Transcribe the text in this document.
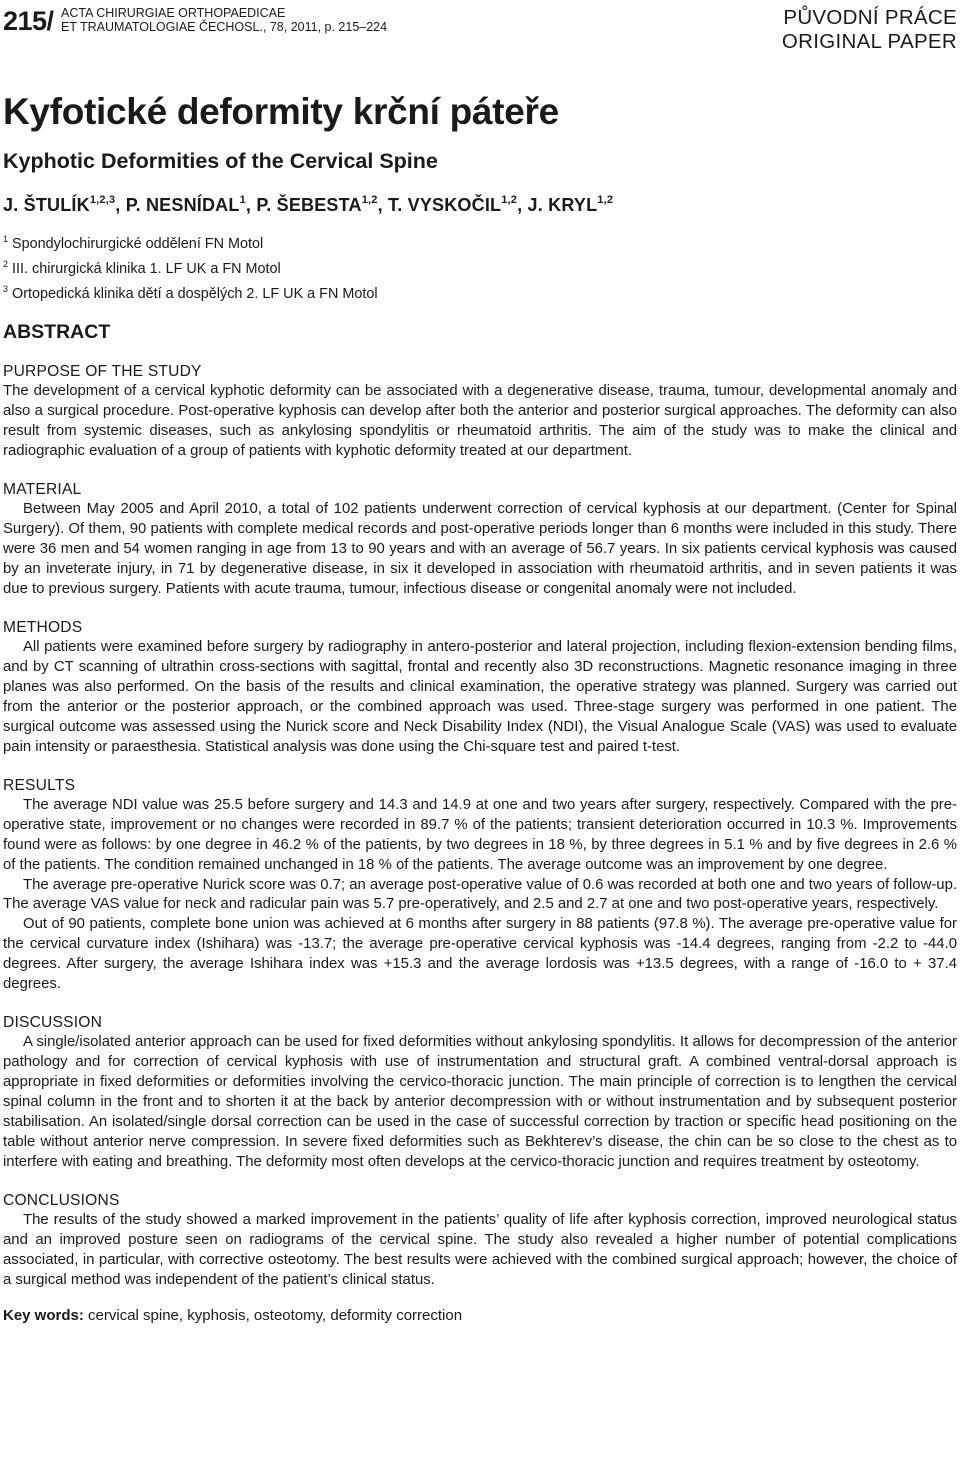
215/ ACTA CHIRURGIAE ORTHOPAEDICAE
ET TRAUMATOLOGIAE ČECHOSL., 78, 2011, p. 215–224	PŮVODNÍ PRÁCE
ORIGINAL PAPER
Kyfotické deformity krční páteře
Kyphotic Deformities of the Cervical Spine
J. ŠTULÍK$^{1,2,3}$, P. NESNÍDAL$^1$, P. ŠEBESTA$^{1,2}$, T. VYSKOČIL$^{1,2}$, J. KRYL$^{1,2}$
$^1$ Spondylochirurgické oddělení FN Motol
$^2$ III. chirurgická klinika 1. LF UK a FN Motol
$^3$ Ortopedická klinika dětí a dospělých 2. LF UK a FN Motol
ABSTRACT
PURPOSE OF THE STUDY

The development of a cervical kyphotic deformity can be associated with a degenerative disease, trauma, tumour, developmental anomaly and also a surgical procedure. Post-operative kyphosis can develop after both the anterior and posterior surgical approaches. The deformity can also result from systemic diseases, such as ankylosing spondylitis or rheumatoid arthritis. The aim of the study was to make the clinical and radiographic evaluation of a group of patients with kyphotic deformity treated at our department.

MATERIAL

Between May 2005 and April 2010, a total of 102 patients underwent correction of cervical kyphosis at our department. (Center for Spinal Surgery). Of them, 90 patients with complete medical records and post-operative periods longer than 6 months were included in this study. There were 36 men and 54 women ranging in age from 13 to 90 years and with an average of 56.7 years. In six patients cervical kyphosis was caused by an inveterate injury, in 71 by degenerative disease, in six it developed in association with rheumatoid arthritis, and in seven patients it was due to previous surgery. Patients with acute trauma, tumour, infectious disease or congenital anomaly were not included.

METHODS

All patients were examined before surgery by radiography in antero-posterior and lateral projection, including flexion-extension bending films, and by CT scanning of ultrathin cross-sections with sagittal, frontal and recently also 3D reconstructions. Magnetic resonance imaging in three planes was also performed. On the basis of the results and clinical examination, the operative strategy was planned. Surgery was carried out from the anterior or the posterior approach, or the combined approach was used. Three-stage surgery was performed in one patient. The surgical outcome was assessed using the Nurick score and Neck Disability Index (NDI), the Visual Analogue Scale (VAS) was used to evaluate pain intensity or paraesthesia. Statistical analysis was done using the Chi-square test and paired t-test.

RESULTS

The average NDI value was 25.5 before surgery and 14.3 and 14.9 at one and two years after surgery, respectively. Compared with the pre-operative state, improvement or no changes were recorded in 89.7 % of the patients; transient deterioration occurred in 10.3 %. Improvements found were as follows: by one degree in 46.2 % of the patients, by two degrees in 18 %, by three degrees in 5.1 % and by five degrees in 2.6 % of the patients. The condition remained unchanged in 18 % of the patients. The average outcome was an improvement by one degree.

The average pre-operative Nurick score was 0.7; an average post-operative value of 0.6 was recorded at both one and two years of follow-up. The average VAS value for neck and radicular pain was 5.7 pre-operatively, and 2.5 and 2.7 at one and two post-operative years, respectively.

Out of 90 patients, complete bone union was achieved at 6 months after surgery in 88 patients (97.8 %). The average pre-operative value for the cervical curvature index (Ishihara) was -13.7; the average pre-operative cervical kyphosis was -14.4 degrees, ranging from -2.2 to -44.0 degrees. After surgery, the average Ishihara index was +15.3 and the average lordosis was +13.5 degrees, with a range of -16.0 to + 37.4 degrees.

DISCUSSION

A single/isolated anterior approach can be used for fixed deformities without ankylosing spondylitis. It allows for decompression of the anterior pathology and for correction of cervical kyphosis with use of instrumentation and structural graft. A combined ventral-dorsal approach is appropriate in fixed deformities or deformities involving the cervico-thoracic junction. The main principle of correction is to lengthen the cervical spinal column in the front and to shorten it at the back by anterior decompression with or without instrumentation and by subsequent posterior stabilisation. An isolated/single dorsal correction can be used in the case of successful correction by traction or specific head positioning on the table without anterior nerve compression. In severe fixed deformities such as Bekhterev’s disease, the chin can be so close to the chest as to interfere with eating and breathing. The deformity most often develops at the cervico-thoracic junction and requires treatment by osteotomy.

CONCLUSIONS

The results of the study showed a marked improvement in the patients’ quality of life after kyphosis correction, improved neurological status and an improved posture seen on radiograms of the cervical spine. The study also revealed a higher number of potential complications associated, in particular, with corrective osteotomy. The best results were achieved with the combined surgical approach; however, the choice of a surgical method was independent of the patient’s clinical status.

Key words: cervical spine, kyphosis, osteotomy, deformity correction
